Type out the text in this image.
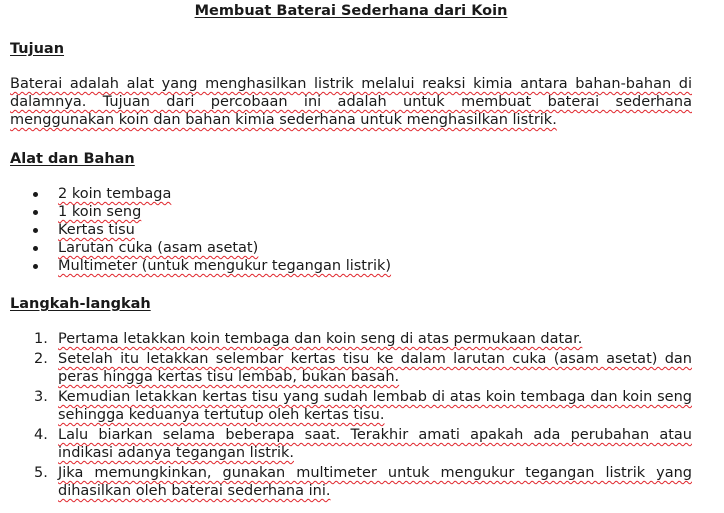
Membuat Baterai Sederhana dari Koin
Tujuan
Baterai adalah alat yang menghasilkan listrik melalui reaksi kimia antara bahan-bahan di dalamnya. Tujuan dari percobaan ini adalah untuk membuat baterai sederhana menggunakan koin dan bahan kimia sederhana untuk menghasilkan listrik.
Alat dan Bahan
2 koin tembaga
1 koin seng
Kertas tisu
Larutan cuka (asam asetat)
Multimeter (untuk mengukur tegangan listrik)
Langkah-langkah
1. Pertama letakkan koin tembaga dan koin seng di atas permukaan datar.
2. Setelah itu letakkan selembar kertas tisu ke dalam larutan cuka (asam asetat) dan peras hingga kertas tisu lembab, bukan basah.
3. Kemudian letakkan kertas tisu yang sudah lembab di atas koin tembaga dan koin seng sehingga keduanya tertutup oleh kertas tisu.
4. Lalu biarkan selama beberapa saat. Terakhir amati apakah ada perubahan atau indikasi adanya tegangan listrik.
5. Jika memungkinkan, gunakan multimeter untuk mengukur tegangan listrik yang dihasilkan oleh baterai sederhana ini.
